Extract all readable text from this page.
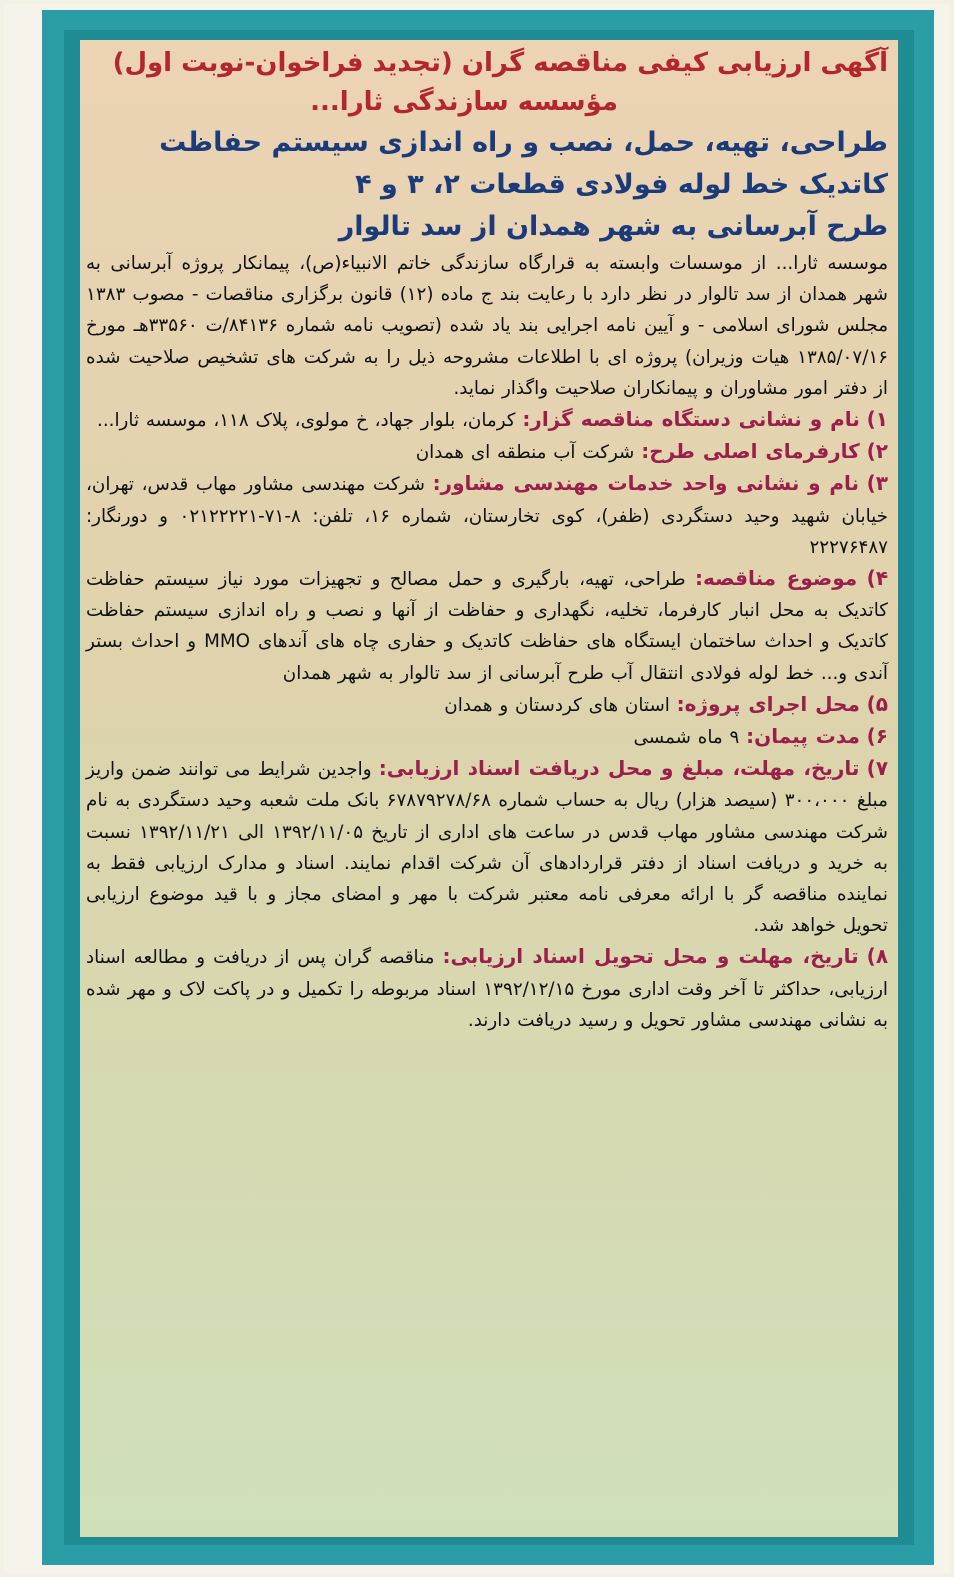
آگهی ارزیابی کیفی مناقصه گران (تجدید فراخوان-نوبت اول)

مؤسسه سازندگی ثارا...

طراحی، تهیه، حمل، نصب و راه اندازی سیستم حفاظت

کاتدیک خط لوله فولادی قطعات ۲، ۳ و ۴

طرح آبرسانی به شهر همدان از سد تالوار

موسسه ثارا... از موسسات وابسته به قرارگاه سازندگی خاتم الانبیاء(ص)، پیمانکار پروژه آبرسانی به شهر همدان از سد تالوار در نظر دارد با رعایت بند ج ماده (۱۲) قانون برگزاری مناقصات - مصوب ۱۳۸۳ مجلس شورای اسلامی - و آیین نامه اجرایی بند یاد شده (تصویب نامه شماره ۸۴۱۳۶/ت ۳۳۵۶۰هـ مورخ ۱۳۸۵/۰۷/۱۶ هیات وزیران) پروژه ای با اطلاعات مشروحه ذیل را به شرکت های تشخیص صلاحیت شده از دفتر امور مشاوران و پیمانکاران صلاحیت واگذار نماید.

۱) نام و نشانی دستگاه مناقصه گزار: کرمان، بلوار جهاد، خ مولوی، پلاک ۱۱۸، موسسه ثارا...

۲) کارفرمای اصلی طرح: شرکت آب منطقه ای همدان

۳) نام و نشانی واحد خدمات مهندسی مشاور: شرکت مهندسی مشاور مهاب قدس، تهران، خیابان شهید وحید دستگردی (ظفر)، کوی تخارستان، شماره ۱۶، تلفن: ۸-۷۱-۰۲۱۲۲۲۲۱ و دورنگار: ۲۲۲۷۶۴۸۷

۴) موضوع مناقصه: طراحی، تهیه، بارگیری و حمل مصالح و تجهیزات مورد نیاز سیستم حفاظت کاتدیک به محل انبار کارفرما، تخلیه، نگهداری و حفاظت از آنها و نصب و راه اندازی سیستم حفاظت کاتدیک و احداث ساختمان ایستگاه های حفاظت کاتدیک و حفاری چاه های آندهای MMO و احداث بستر آندی و... خط لوله فولادی انتقال آب طرح آبرسانی از سد تالوار به شهر همدان

۵) محل اجرای پروژه: استان های کردستان و همدان

۶) مدت پیمان: ۹ ماه شمسی

۷) تاریخ، مهلت، مبلغ و محل دریافت اسناد ارزیابی: واجدین شرایط می توانند ضمن واریز مبلغ ۳۰۰،۰۰۰ (سیصد هزار) ریال به حساب شماره ۶۷۸۷۹۲۷۸/۶۸ بانک ملت شعبه وحید دستگردی به نام شرکت مهندسی مشاور مهاب قدس در ساعت های اداری از تاریخ ۱۳۹۲/۱۱/۰۵ الی ۱۳۹۲/۱۱/۲۱ نسبت به خرید و دریافت اسناد از دفتر قراردادهای آن شرکت اقدام نمایند. اسناد و مدارک ارزیابی فقط به نماینده مناقصه گر با ارائه معرفی نامه معتبر شرکت با مهر و امضای مجاز و با قید موضوع ارزیابی تحویل خواهد شد.

۸) تاریخ، مهلت و محل تحویل اسناد ارزیابی: مناقصه گران پس از دریافت و مطالعه اسناد ارزیابی، حداکثر تا آخر وقت اداری مورخ ۱۳۹۲/۱۲/۱۵ اسناد مربوطه را تکمیل و در پاکت لاک و مهر شده به نشانی مهندسی مشاور تحویل و رسید دریافت دارند.
